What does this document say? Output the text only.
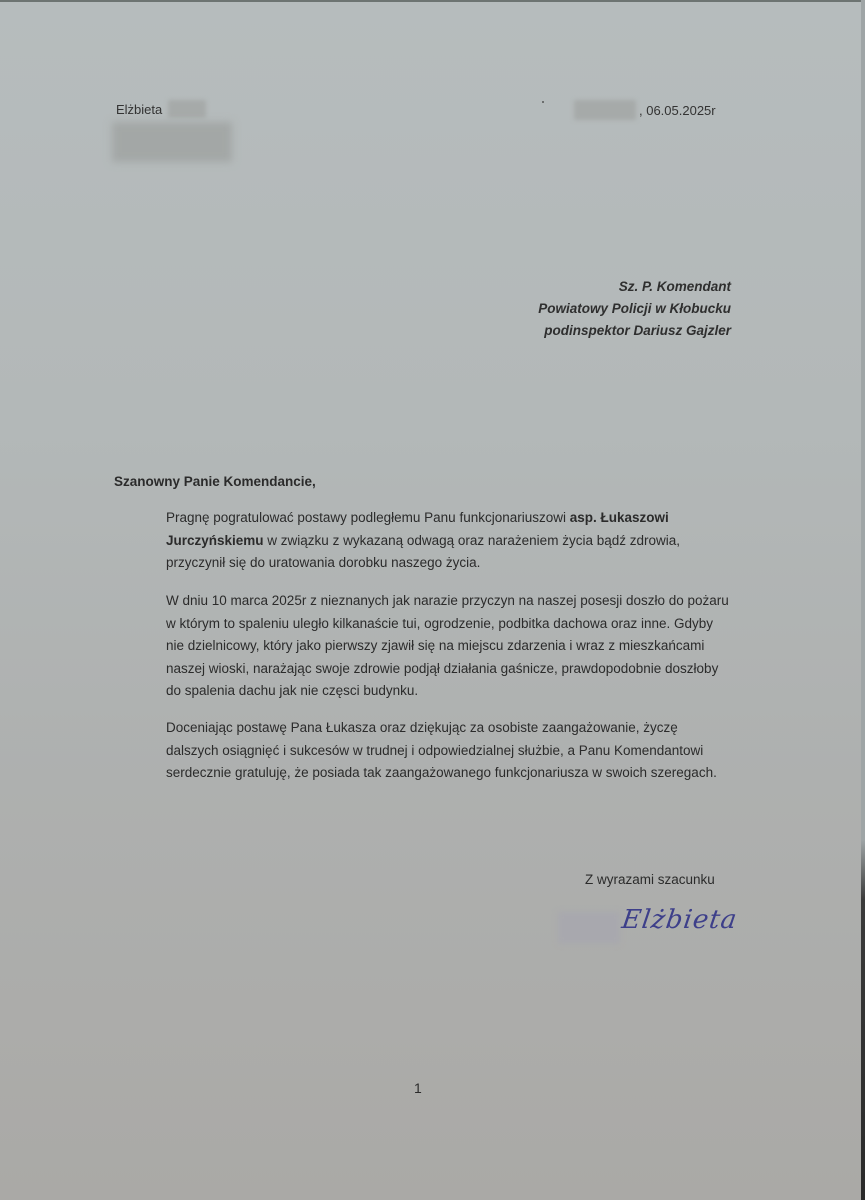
Elżbieta	, 06.05.2025r
Sz. P. Komendant
Powiatowy Policji w Kłobucku
podinspektor Dariusz Gajzler
Szanowny Panie Komendancie,

Pragnę pogratulować postawy podległemu Panu funkcjonariuszowi asp. Łukaszowi Jurczyńskiemu w związku z wykazaną odwagą oraz narażeniem życia bądź zdrowia, przyczynił się do uratowania dorobku naszego życia.

W dniu 10 marca 2025r z nieznanych jak narazie przyczyn na naszej posesji doszło do pożaru w którym to spaleniu uległo kilkanaście tui, ogrodzenie, podbitka dachowa oraz inne. Gdyby nie dzielnicowy, który jako pierwszy zjawił się na miejscu zdarzenia i wraz z mieszkańcami naszej wioski, narażając swoje zdrowie podjął działania gaśnicze, prawdopodobnie doszłoby do spalenia dachu jak nie częsci budynku.

Doceniając postawę Pana Łukasza oraz dziękując za osobiste zaangażowanie, życzę dalszych osiągnięć i sukcesów w trudnej i odpowiedzialnej służbie, a Panu Komendantowi serdecznie gratuluję, że posiada tak zaangażowanego funkcjonariusza w swoich szeregach.

Z wyrazami szacunku
Elżbieta
1
